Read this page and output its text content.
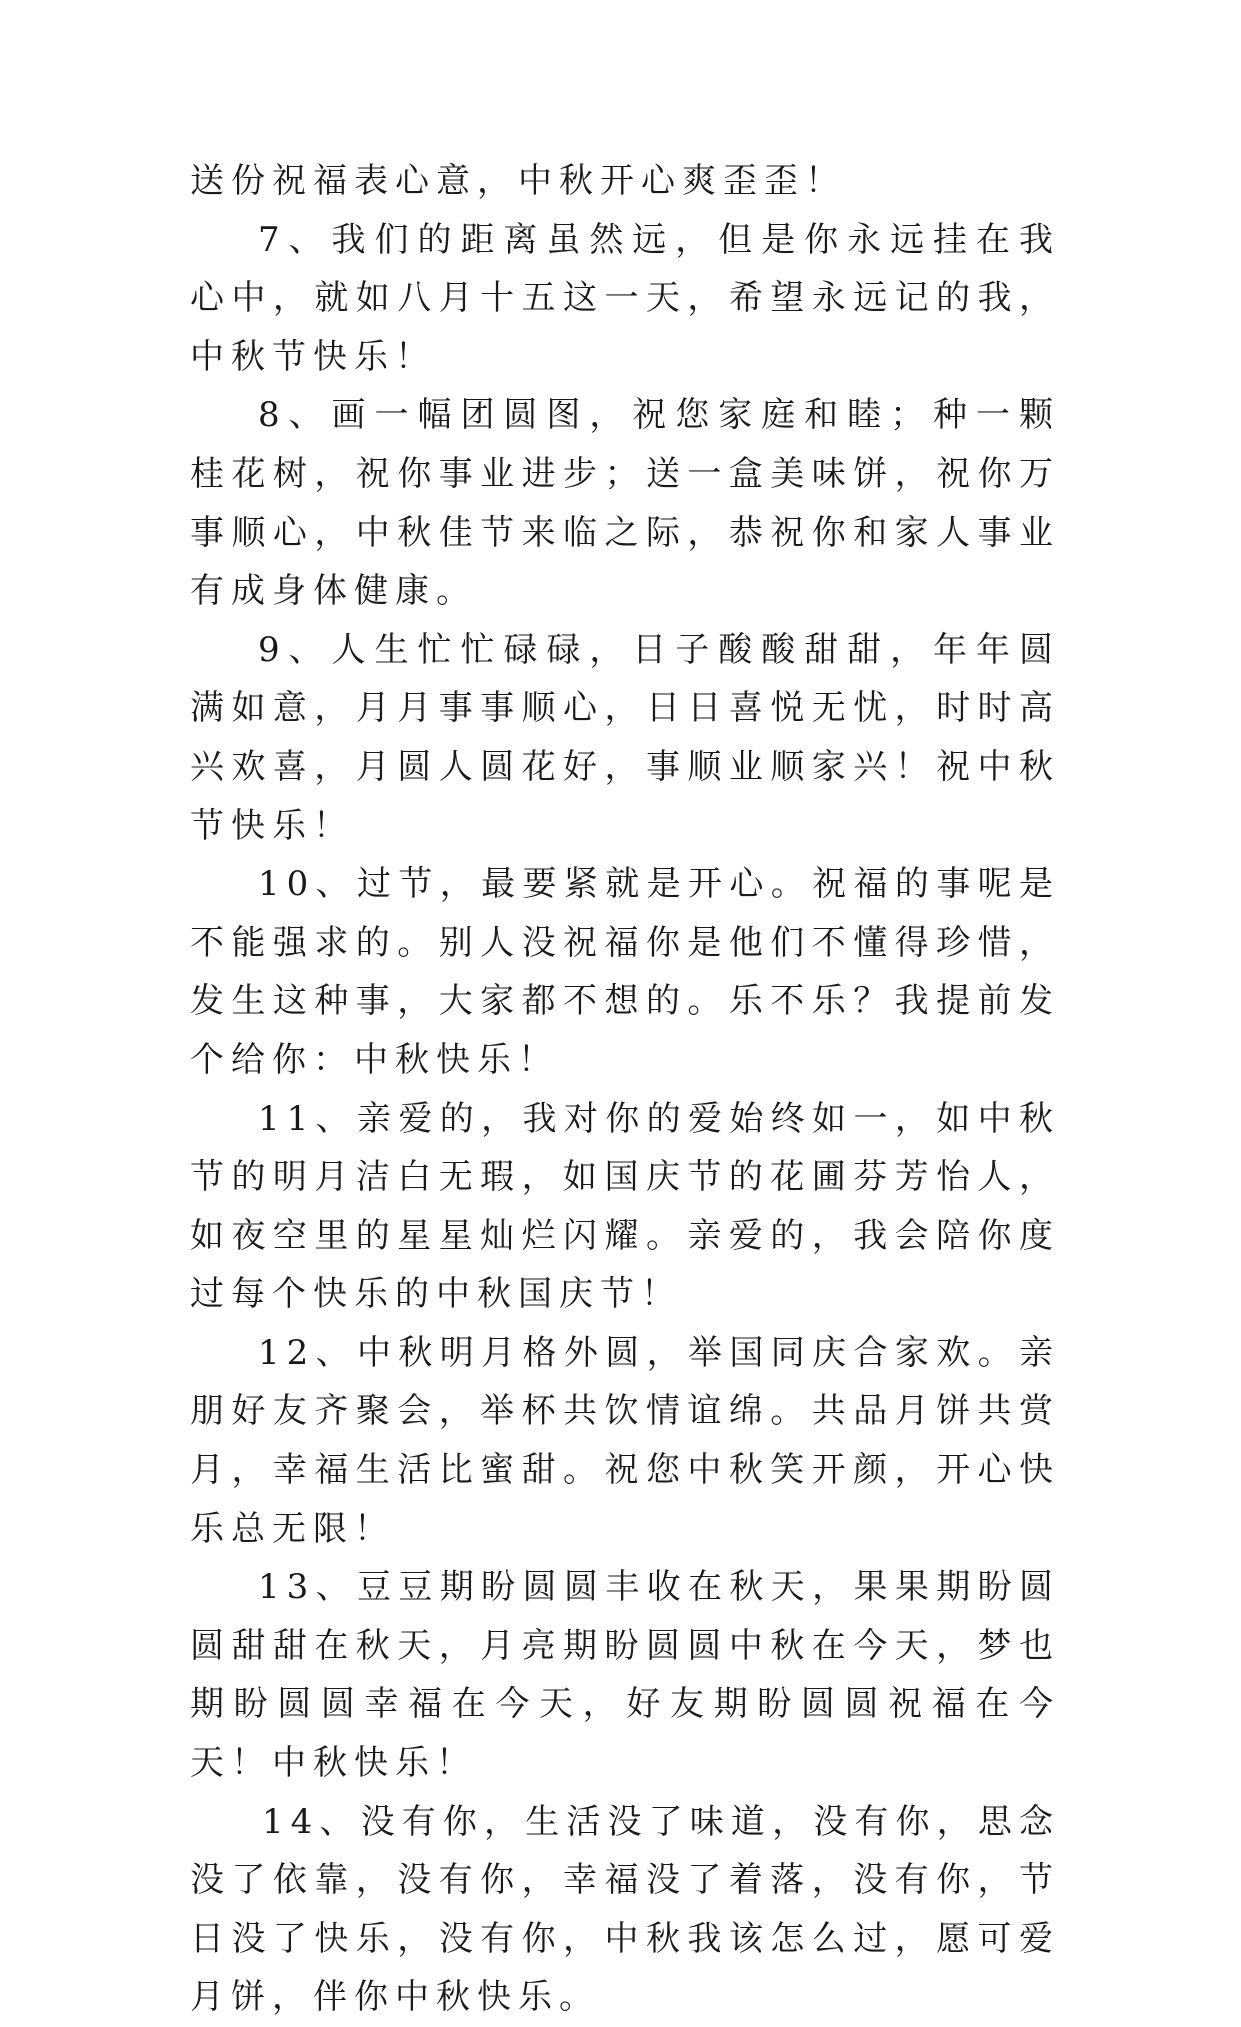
送份祝福表心意，中秋开心爽歪歪！

7、我们的距离虽然远，但是你永远挂在我心中，就如八月十五这一天，希望永远记的我，中秋节快乐！

8、画一幅团圆图，祝您家庭和睦；种一颗桂花树，祝你事业进步；送一盒美味饼，祝你万事顺心，中秋佳节来临之际，恭祝你和家人事业有成身体健康。

9、人生忙忙碌碌，日子酸酸甜甜，年年圆满如意，月月事事顺心，日日喜悦无忧，时时高兴欢喜，月圆人圆花好，事顺业顺家兴！祝中秋节快乐！

10、过节，最要紧就是开心。祝福的事呢是不能强求的。别人没祝福你是他们不懂得珍惜，发生这种事，大家都不想的。乐不乐？我提前发个给你：中秋快乐！

11、亲爱的，我对你的爱始终如一，如中秋节的明月洁白无瑕，如国庆节的花圃芬芳怡人，如夜空里的星星灿烂闪耀。亲爱的，我会陪你度过每个快乐的中秋国庆节！

12、中秋明月格外圆，举国同庆合家欢。亲朋好友齐聚会，举杯共饮情谊绵。共品月饼共赏月，幸福生活比蜜甜。祝您中秋笑开颜，开心快乐总无限！

13、豆豆期盼圆圆丰收在秋天，果果期盼圆圆甜甜在秋天，月亮期盼圆圆中秋在今天，梦也期盼圆圆幸福在今天，好友期盼圆圆祝福在今天！中秋快乐！

14、没有你，生活没了味道，没有你，思念没了依靠，没有你，幸福没了着落，没有你，节日没了快乐，没有你，中秋我该怎么过，愿可爱月饼，伴你中秋快乐。
